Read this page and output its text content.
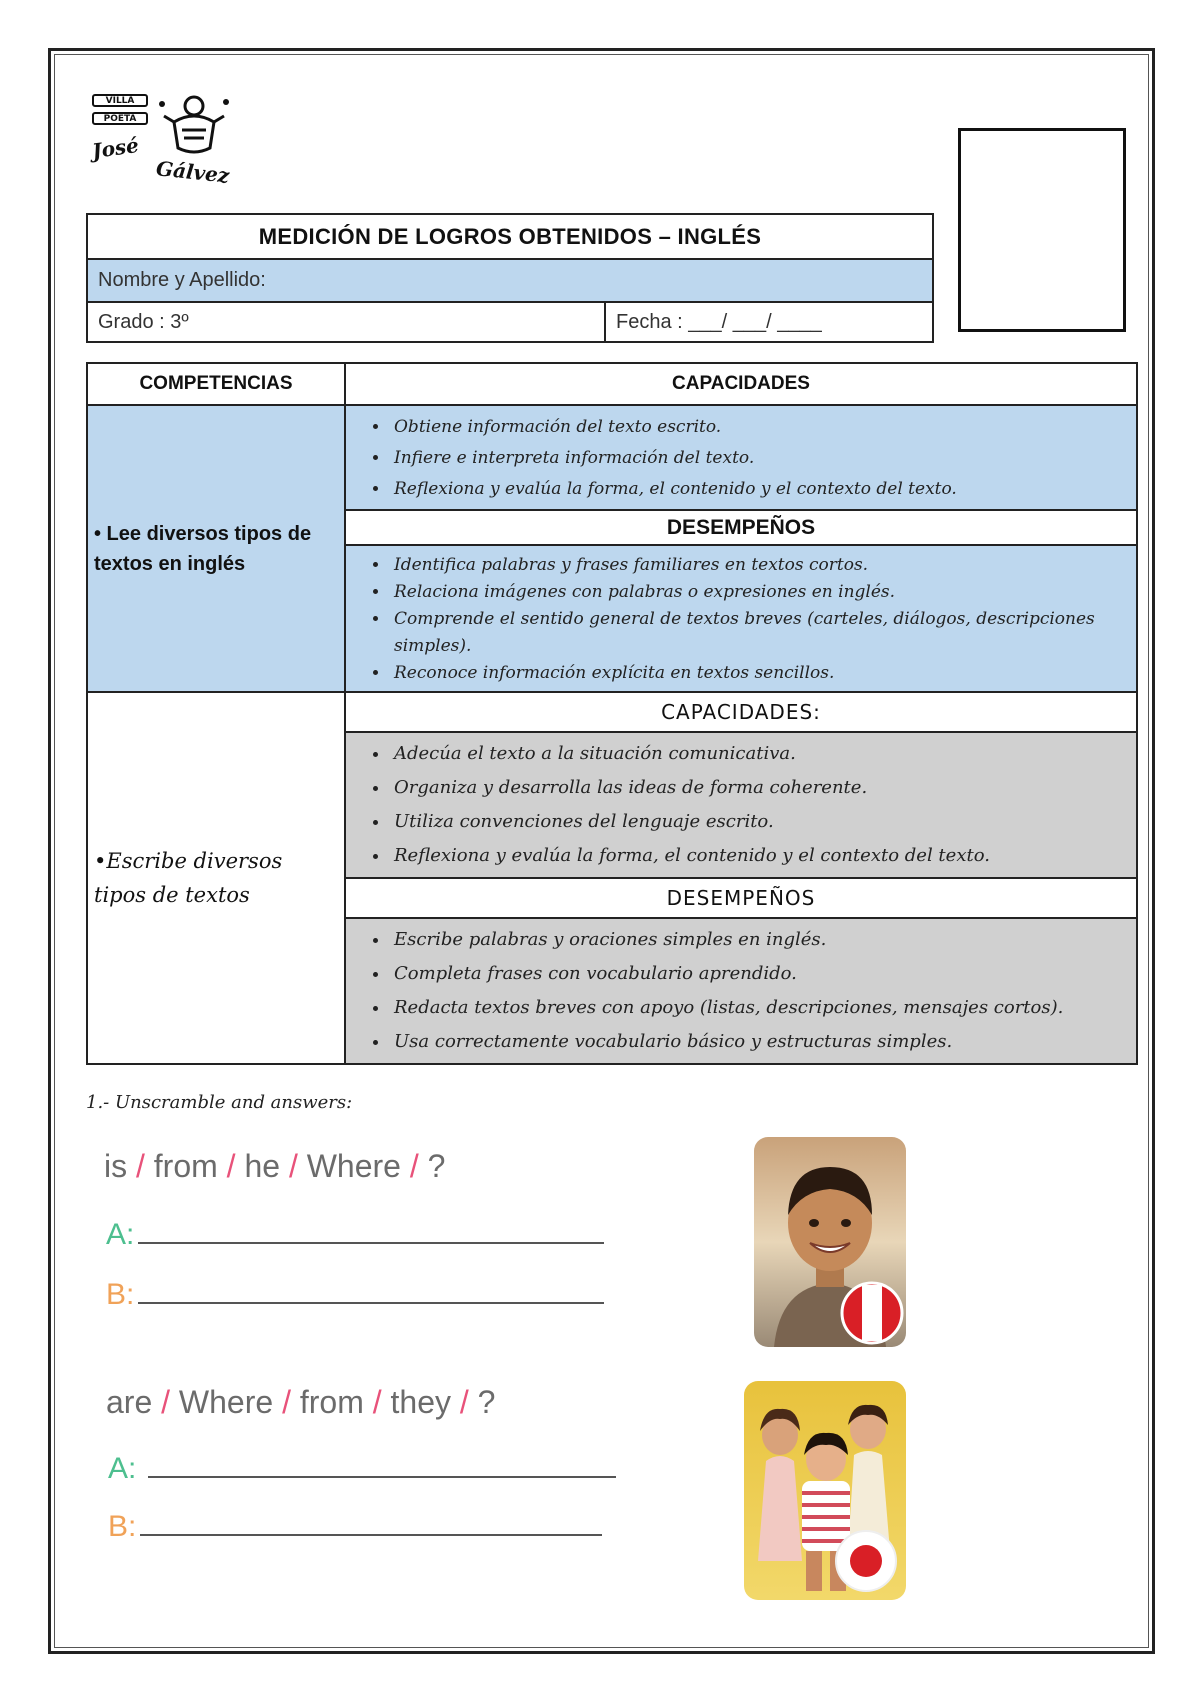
VILLA
POETA
José
Gálvez
MEDICIÓN DE LOGROS OBTENIDOS – INGLÉS
Nombre y Apellido:
Grado : 3º	Fecha : ___/ ___/ ____
COMPETENCIAS	CAPACIDADES
• Lee diversos tipos de textos en inglés
• Obtiene información del texto escrito.
• Infiere e interpreta información del texto.
• Reflexiona y evalúa la forma, el contenido y el contexto del texto.
DESEMPEÑOS
• Identifica palabras y frases familiares en textos cortos.
• Relaciona imágenes con palabras o expresiones en inglés.
• Comprende el sentido general de textos breves (carteles, diálogos, descripciones simples).
• Reconoce información explícita en textos sencillos.
•Escribe diversos tipos de textos
CAPACIDADES:
• Adecúa el texto a la situación comunicativa.
• Organiza y desarrolla las ideas de forma coherente.
• Utiliza convenciones del lenguaje escrito.
• Reflexiona y evalúa la forma, el contenido y el contexto del texto.
DESEMPEÑOS
• Escribe palabras y oraciones simples en inglés.
• Completa frases con vocabulario aprendido.
• Redacta textos breves con apoyo (listas, descripciones, mensajes cortos).
• Usa correctamente vocabulario básico y estructuras simples.
1.- Unscramble and answers:
is / from / he / Where / ?
A:
B:
are / Where / from / they / ?
A:
B:
